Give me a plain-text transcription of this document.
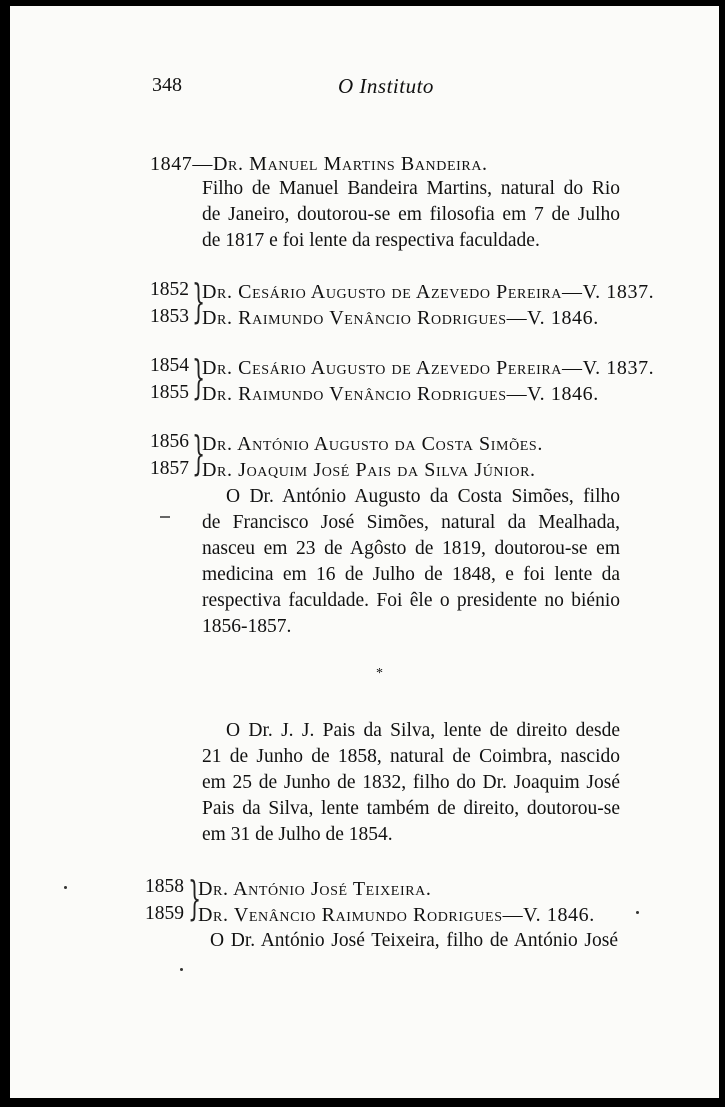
348	O Instituto
1847—Dr. Manuel Martins Bandeira.
Filho de Manuel Bandeira Martins, natural do Rio
de Janeiro, doutorou-se em filosofia em 7 de Julho
de 1817 e foi lente da respectiva faculdade.
1852
1853 }
Dr. Cesário Augusto de Azevedo Pereira—V. 1837.
Dr. Raimundo Venâncio Rodrigues—V. 1846.
1854
1855 }
Dr. Cesário Augusto de Azevedo Pereira—V. 1837.
Dr. Raimundo Venâncio Rodrigues—V. 1846.
1856
1857 }
Dr. António Augusto da Costa Simões.
Dr. Joaquim José Pais da Silva Júnior.
O Dr. António Augusto da Costa Simões, filho
de Francisco José Simões, natural da Mealhada,
nasceu em 23 de Agôsto de 1819, doutorou-se em
medicina em 16 de Julho de 1848, e foi lente da
respectiva faculdade. Foi êle o presidente no biénio
1856-1857.
*
O Dr. J. J. Pais da Silva, lente de direito desde
21 de Junho de 1858, natural de Coimbra, nascido
em 25 de Junho de 1832, filho do Dr. Joaquim José
Pais da Silva, lente também de direito, doutorou-se
em 31 de Julho de 1854.
1858
1859 }
Dr. António José Teixeira.
Dr. Venâncio Raimundo Rodrigues—V. 1846.
O Dr. António José Teixeira, filho de António José
